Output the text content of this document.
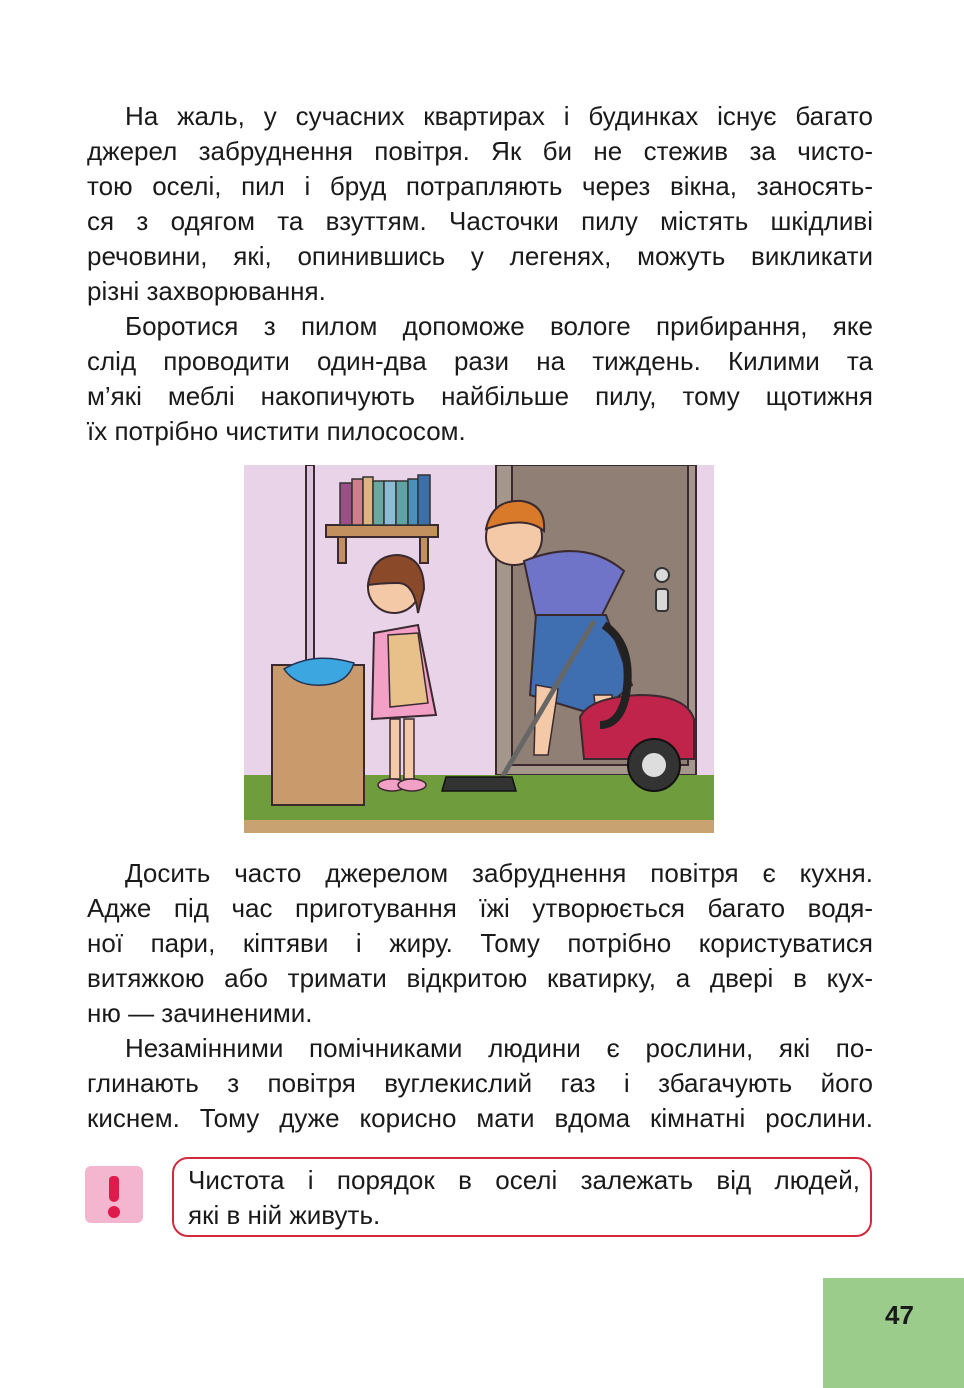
На жаль, у сучасних квартирах і будинках існує багато
джерел забруднення повітря. Як би не стежив за чисто-
тою оселі, пил і бруд потрапляють через вікна, заносять-
ся з одягом та взуттям. Часточки пилу містять шкідливі
речовини, які, опинившись у легенях, можуть викликати
різні захворювання.
Боротися з пилом допоможе вологе прибирання, яке
слід проводити один-два рази на тиждень. Килими та
м’які меблі накопичують найбільше пилу, тому щотижня
їх потрібно чистити пилососом.
Досить часто джерелом забруднення повітря є кухня.
Адже під час приготування їжі утворюється багато водя-
ної пари, кіптяви і жиру. Тому потрібно користуватися
витяжкою або тримати відкритою кватирку, а двері в кух-
ню — зачиненими.
Незамінними помічниками людини є рослини, які по-
глинають з повітря вуглекислий газ і збагачують його
киснем. Тому дуже корисно мати вдома кімнатні рослини.
Чистота і порядок в оселі залежать від людей,
які в ній живуть.
47
